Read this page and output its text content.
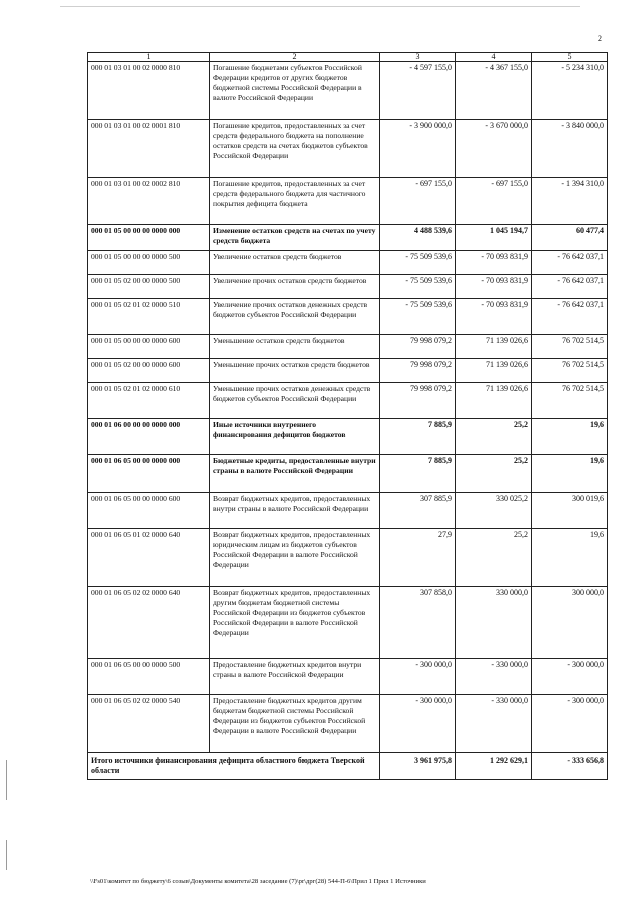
2
1	2	3	4	5
000 01 03 01 00 02 0000 810	Погашение бюджетами субъектов Российской Федерации кредитов от других бюджетов бюджетной системы Российской Федерации в валюте Российской Федерации	- 4 597 155,0	- 4 367 155,0	- 5 234 310,0
000 01 03 01 00 02 0001 810	Погашение кредитов, предоставленных за счет средств федерального бюджета на пополнение остатков средств на счетах бюджетов субъектов Российской Федерации	- 3 900 000,0	- 3 670 000,0	- 3 840 000,0
000 01 03 01 00 02 0002 810	Погашение кредитов, предоставленных за счет средств федерального бюджета для частичного покрытия дефицита бюджета	- 697 155,0	- 697 155,0	- 1 394 310,0
000 01 05 00 00 00 0000 000	Изменение остатков средств на счетах по учету средств бюджета	4 488 539,6	1 045 194,7	60 477,4
000 01 05 00 00 00 0000 500	Увеличение остатков средств бюджетов	- 75 509 539,6	- 70 093 831,9	- 76 642 037,1
000 01 05 02 00 00 0000 500	Увеличение прочих остатков средств бюджетов	- 75 509 539,6	- 70 093 831,9	- 76 642 037,1
000 01 05 02 01 02 0000 510	Увеличение прочих остатков денежных средств бюджетов субъектов Российской Федерации	- 75 509 539,6	- 70 093 831,9	- 76 642 037,1
000 01 05 00 00 00 0000 600	Уменьшение остатков средств бюджетов	79 998 079,2	71 139 026,6	76 702 514,5
000 01 05 02 00 00 0000 600	Уменьшение прочих остатков средств бюджетов	79 998 079,2	71 139 026,6	76 702 514,5
000 01 05 02 01 02 0000 610	Уменьшение прочих остатков денежных средств бюджетов субъектов Российской Федерации	79 998 079,2	71 139 026,6	76 702 514,5
000 01 06 00 00 00 0000 000	Иные источники внутреннего финансирования дефицитов бюджетов	7 885,9	25,2	19,6
000 01 06 05 00 00 0000 000	Бюджетные кредиты, предоставленные внутри страны в валюте Российской Федерации	7 885,9	25,2	19,6
000 01 06 05 00 00 0000 600	Возврат бюджетных кредитов, предоставленных внутри страны в валюте Российской Федерации	307 885,9	330 025,2	300 019,6
000 01 06 05 01 02 0000 640	Возврат бюджетных кредитов, предоставленных юридическим лицам из бюджетов субъектов Российской Федерации в валюте Российской Федерации	27,9	25,2	19,6
000 01 06 05 02 02 0000 640	Возврат бюджетных кредитов, предоставленных другим бюджетам бюджетной системы Российской Федерации из бюджетов субъектов Российской Федерации в валюте Российской Федерации	307 858,0	330 000,0	300 000,0
000 01 06 05 00 00 0000 500	Предоставление бюджетных кредитов внутри страны в валюте Российской Федерации	- 300 000,0	- 330 000,0	- 300 000,0
000 01 06 05 02 02 0000 540	Предоставление бюджетных кредитов другим бюджетам бюджетной системы Российской Федерации из бюджетов субъектов Российской Федерации в валюте Российской Федерации	- 300 000,0	- 330 000,0	- 300 000,0
Итого источники финансирования дефицита областного бюджета Тверской области		3 961 975,8	1 292 629,1	- 333 656,8
\\Fs01\комитет по бюджету\6 созыв\Документы комитета\28 заседание (7)\pr\дрг(28) 544-П-6\Прил 1 Прил 1 Источники
